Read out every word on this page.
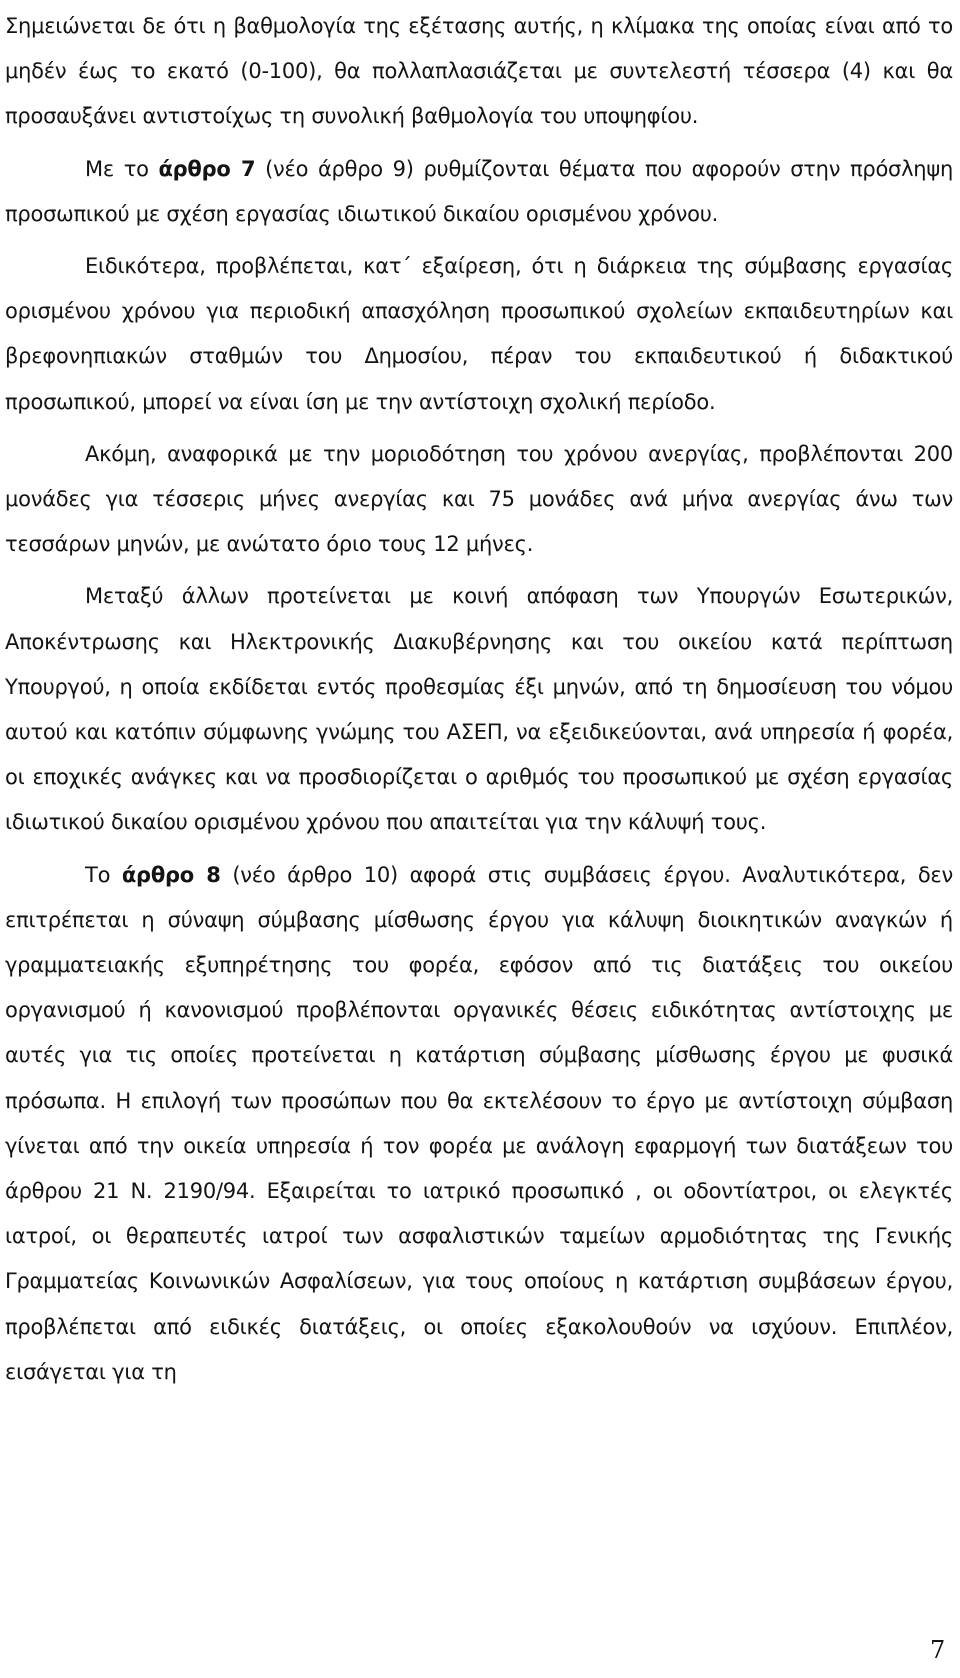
Σημειώνεται δε ότι η βαθμολογία της εξέτασης αυτής, η κλίμακα της οποίας είναι από το μηδέν έως το εκατό (0-100), θα πολλαπλασιάζεται με συντελεστή τέσσερα (4) και θα προσαυξάνει αντιστοίχως τη συνολική βαθμολογία του υποψηφίου.

Με το άρθρο 7 (νέο άρθρο 9) ρυθμίζονται θέματα που αφορούν στην πρόσληψη προσωπικού με σχέση εργασίας ιδιωτικού δικαίου ορισμένου χρόνου.

Ειδικότερα, προβλέπεται, κατ΄ εξαίρεση, ότι η διάρκεια της σύμβασης εργασίας ορισμένου χρόνου για περιοδική απασχόληση προσωπικού σχολείων εκπαιδευτηρίων και βρεφονηπιακών σταθμών του Δημοσίου, πέραν του εκπαιδευτικού ή διδακτικού προσωπικού, μπορεί να είναι ίση με την αντίστοιχη σχολική περίοδο.

Ακόμη, αναφορικά με την μοριοδότηση του χρόνου ανεργίας, προβλέπονται 200 μονάδες για τέσσερις μήνες ανεργίας και 75 μονάδες ανά μήνα ανεργίας άνω των τεσσάρων μηνών, με ανώτατο όριο τους 12 μήνες.

Μεταξύ άλλων προτείνεται με κοινή απόφαση των Υπουργών Εσωτερικών, Αποκέντρωσης και Ηλεκτρονικής Διακυβέρνησης και του οικείου κατά περίπτωση Υπουργού, η οποία εκδίδεται εντός προθεσμίας έξι μηνών, από τη δημοσίευση του νόμου αυτού και κατόπιν σύμφωνης γνώμης του ΑΣΕΠ, να εξειδικεύονται, ανά υπηρεσία ή φορέα, οι εποχικές ανάγκες και να προσδιορίζεται ο αριθμός του προσωπικού με σχέση εργασίας ιδιωτικού δικαίου ορισμένου χρόνου που απαιτείται για την κάλυψή τους.

Το άρθρο 8 (νέο άρθρο 10) αφορά στις συμβάσεις έργου. Αναλυτικότερα, δεν επιτρέπεται η σύναψη σύμβασης μίσθωσης έργου για κάλυψη διοικητικών αναγκών ή γραμματειακής εξυπηρέτησης του φορέα, εφόσον από τις διατάξεις του οικείου οργανισμού ή κανονισμού προβλέπονται οργανικές θέσεις ειδικότητας αντίστοιχης με αυτές για τις οποίες προτείνεται η κατάρτιση σύμβασης μίσθωσης έργου με φυσικά πρόσωπα. Η επιλογή των προσώπων που θα εκτελέσουν το έργο με αντίστοιχη σύμβαση γίνεται από την οικεία υπηρεσία ή τον φορέα με ανάλογη εφαρμογή των διατάξεων του άρθρου 21 Ν. 2190/94. Εξαιρείται το ιατρικό προσωπικό , οι οδοντίατροι, οι ελεγκτές ιατροί, οι θεραπευτές ιατροί των ασφαλιστικών ταμείων αρμοδιότητας της Γενικής Γραμματείας Κοινωνικών Ασφαλίσεων, για τους οποίους η κατάρτιση συμβάσεων έργου, προβλέπεται από ειδικές διατάξεις, οι οποίες εξακολουθούν να ισχύουν. Επιπλέον, εισάγεται για τη

7
